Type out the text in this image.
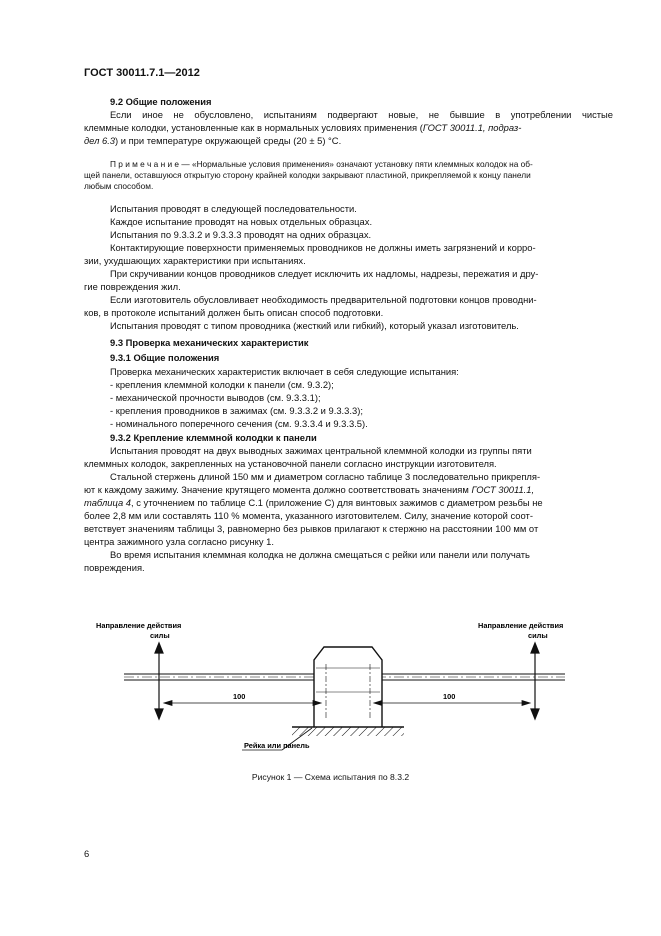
ГОСТ 30011.7.1—2012
9.2 Общие положения
Если иное не обусловлено, испытаниям подвергают новые, не бывшие в употреблении чистые
клеммные колодки, установленные как в нормальных условиях применения (ГОСТ 30011.1, подраз-
дел 6.3) и при температуре окружающей среды (20 ± 5) °С.
П р и м е ч а н и е — «Нормальные условия применения» означают установку пяти клеммных колодок на об-
щей панели, оставшуюся открытую сторону крайней колодки закрывают пластиной, прикрепляемой к концу панели
любым способом.
Испытания проводят в следующей последовательности.
Каждое испытание проводят на новых отдельных образцах.
Испытания по 9.3.3.2 и 9.3.3.3 проводят на одних образцах.
Контактирующие поверхности применяемых проводников не должны иметь загрязнений и корро-
зии, ухудшающих характеристики при испытаниях.
При скручивании концов проводников следует исключить их надломы, надрезы, пережатия и дру-
гие повреждения жил.
Если изготовитель обусловливает необходимость предварительной подготовки концов проводни-
ков, в протоколе испытаний должен быть описан способ подготовки.
Испытания проводят с типом проводника (жесткий или гибкий), который указал изготовитель.
9.3 Проверка механических характеристик
9.3.1 Общие положения
Проверка механических характеристик включает в себя следующие испытания:
- крепления клеммной колодки к панели (см. 9.3.2);
- механической прочности выводов (см. 9.3.3.1);
- крепления проводников в зажимах (см. 9.3.3.2 и 9.3.3.3);
- номинального поперечного сечения (см. 9.3.3.4 и 9.3.3.5).
9.3.2 Крепление клеммной колодки к панели
Испытания проводят на двух выводных зажимах центральной клеммной колодки из группы пяти
клеммных колодок, закрепленных на установочной панели согласно инструкции изготовителя.
Стальной стержень длиной 150 мм и диаметром согласно таблице 3 последовательно прикрепля-
ют к каждому зажиму. Значение крутящего момента должно соответствовать значениям ГОСТ 30011.1,
таблица 4, с уточнением по таблице С.1 (приложение С) для винтовых зажимов с диаметром резьбы не
более 2,8 мм или составлять 110 % момента, указанного изготовителем. Силу, значение которой соот-
ветствует значениям таблицы 3, равномерно без рывков прилагают к стержню на расстоянии 100 мм от
центра зажимного узла согласно рисунку 1.
Во время испытания клеммная колодка не должна смещаться с рейки или панели или получать
повреждения.
Направление действия
силы
Направление действия
силы
100	100
Рейка или панель
Рисунок 1 — Схема испытания по 8.3.2
6
